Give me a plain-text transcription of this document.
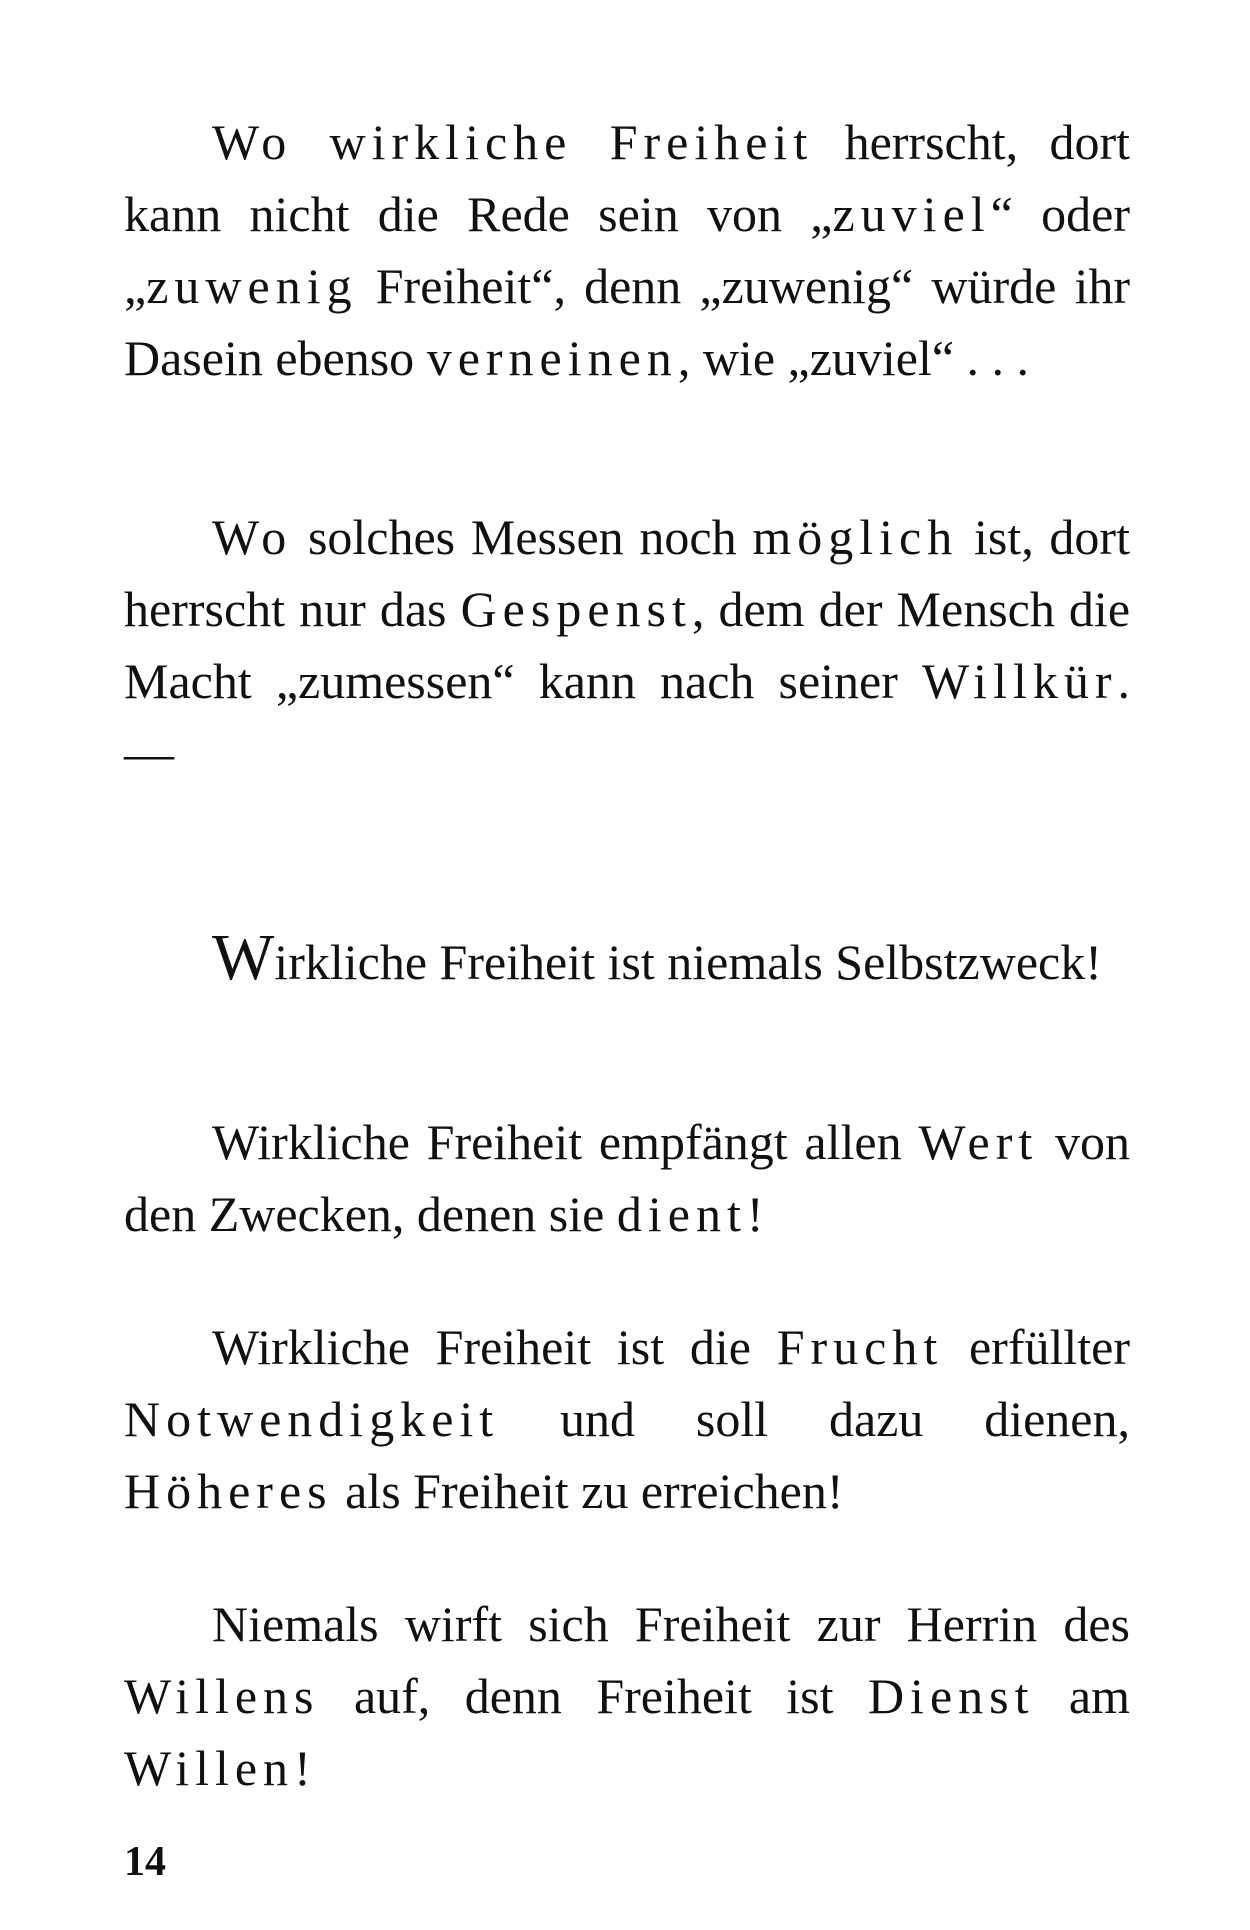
Wo wirkliche Freiheit herrscht, dort kann nicht die Rede sein von „zuviel“ oder „zuwenig Freiheit“, denn „zuwenig“ würde ihr Dasein ebenso verneinen, wie „zuviel“ . . .

Wo solches Messen noch möglich ist, dort herrscht nur das Gespenst, dem der Mensch die Macht „zumessen“ kann nach seiner Willkür. —

Wirkliche Freiheit ist niemals Selbstzweck!

Wirkliche Freiheit empfängt allen Wert von den Zwecken, denen sie dient!

Wirkliche Freiheit ist die Frucht erfüllter Notwendigkeit und soll dazu dienen, Höheres als Freiheit zu erreichen!

Niemals wirft sich Freiheit zur Herrin des Willens auf, denn Freiheit ist Dienst am Willen!

14
